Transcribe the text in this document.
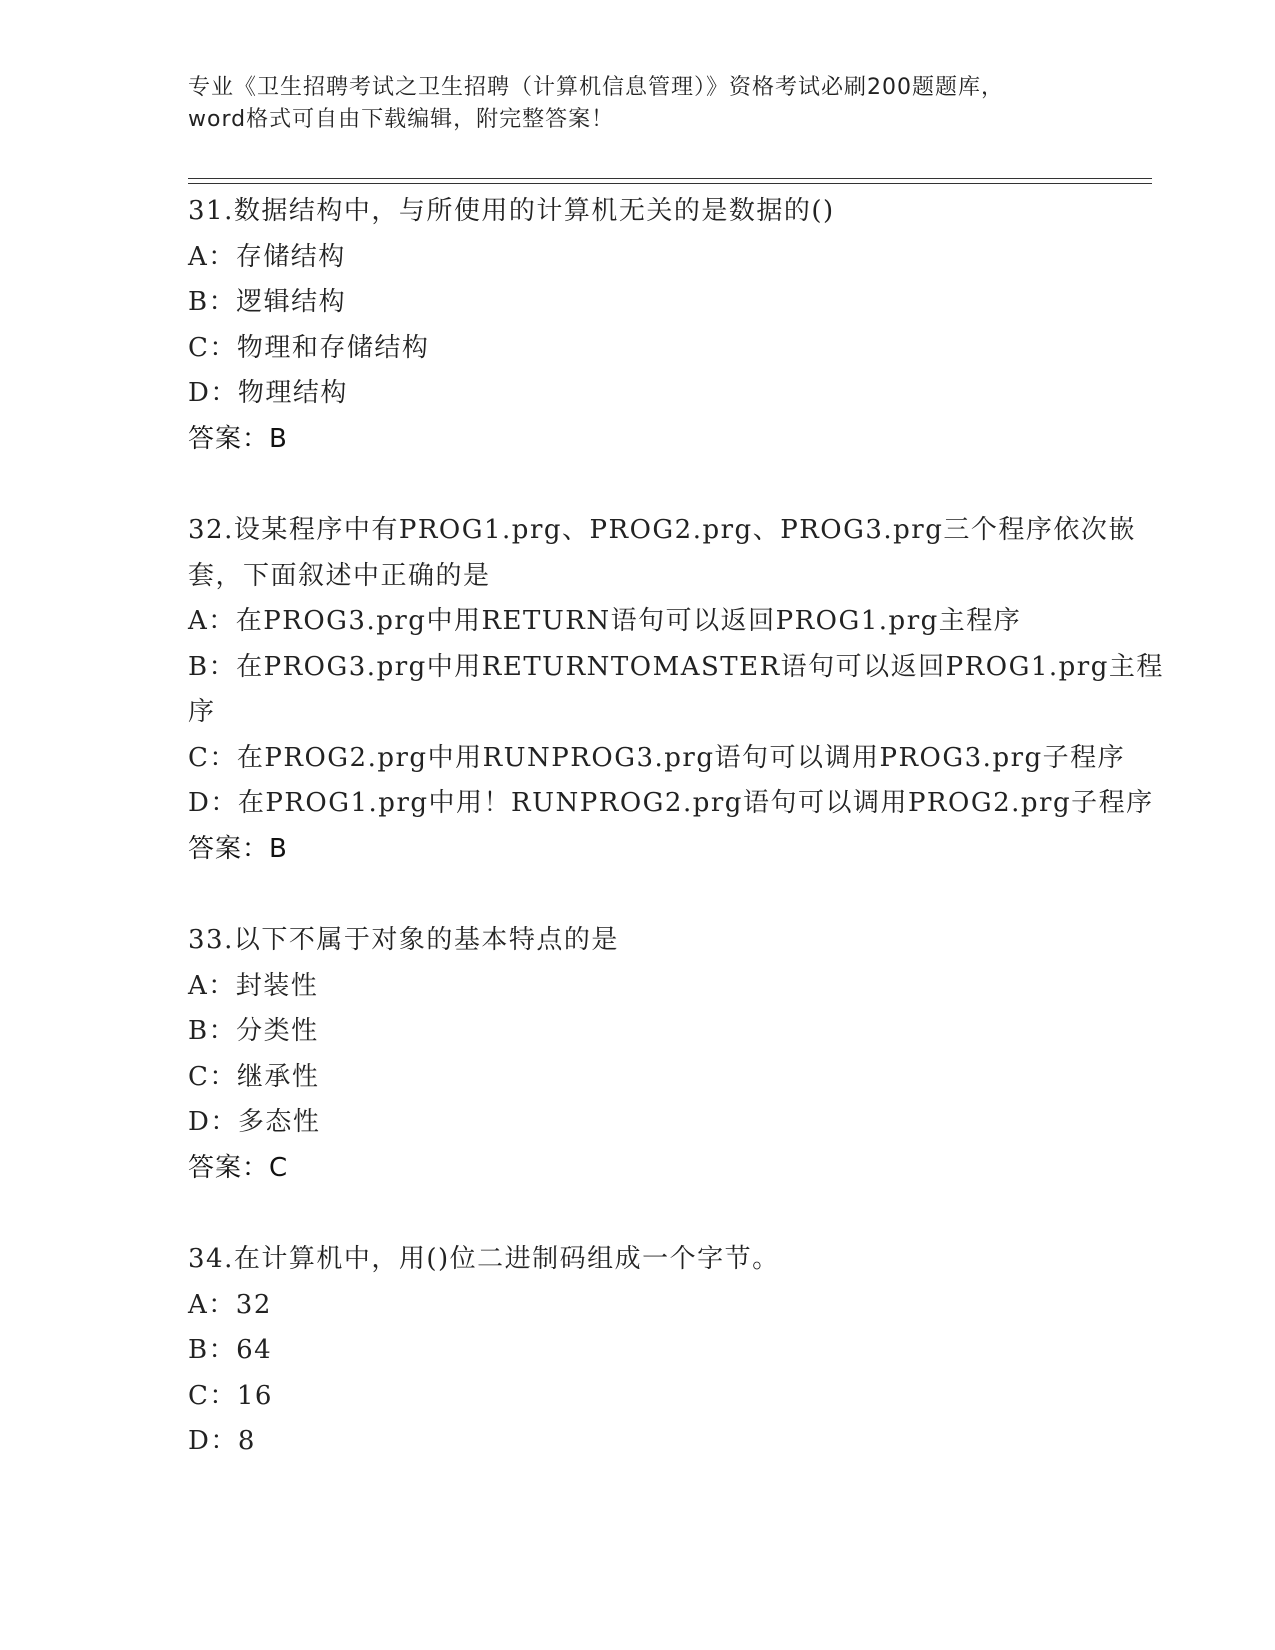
专业《卫生招聘考试之卫生招聘（计算机信息管理）》资格考试必刷200题题库，
word格式可自由下载编辑，附完整答案！
31.数据结构中，与所使用的计算机无关的是数据的()
A：存储结构
B：逻辑结构
C：物理和存储结构
D：物理结构
答案：B
32.设某程序中有PROG1.prg、PROG2.prg、PROG3.prg三个程序依次嵌
套，下面叙述中正确的是
A：在PROG3.prg中用RETURN语句可以返回PROG1.prg主程序
B：在PROG3.prg中用RETURNTOMASTER语句可以返回PROG1.prg主程
序
C：在PROG2.prg中用RUNPROG3.prg语句可以调用PROG3.prg子程序
D：在PROG1.prg中用！RUNPROG2.prg语句可以调用PROG2.prg子程序
答案：B
33.以下不属于对象的基本特点的是
A：封装性
B：分类性
C：继承性
D：多态性
答案：C
34.在计算机中，用()位二进制码组成一个字节。
A：32
B：64
C：16
D：8
